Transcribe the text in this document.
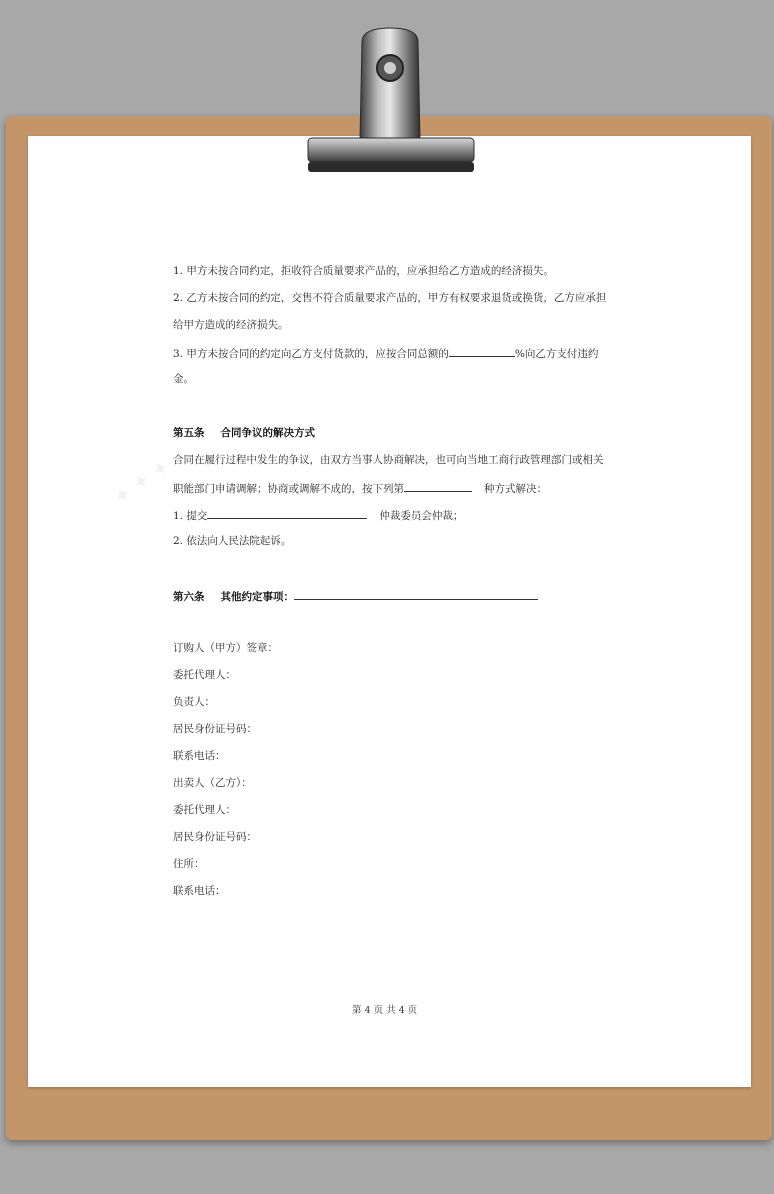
✦ ✦ ✦
1. 甲方未按合同约定，拒收符合质量要求产品的，应承担给乙方造成的经济损失。
2. 乙方未按合同的约定，交售不符合质量要求产品的，甲方有权要求退货或换货，乙方应承担
给甲方造成的经济损失。
3. 甲方未按合同的约定向乙方支付货款的，应按合同总额的	%向乙方支付违约
金。
第五条 合同争议的解决方式
合同在履行过程中发生的争议，由双方当事人协商解决，也可向当地工商行政管理部门或相关
职能部门申请调解；协商或调解不成的，按下列第	种方式解决：
1. 提交	仲裁委员会仲裁；
2. 依法向人民法院起诉。
第六条 其他约定事项：
订购人（甲方）签章：
委托代理人：
负责人：
居民身份证号码：
联系电话：
出卖人（乙方）：
委托代理人：
居民身份证号码：
住所：
联系电话：
第 4 页 共 4 页
